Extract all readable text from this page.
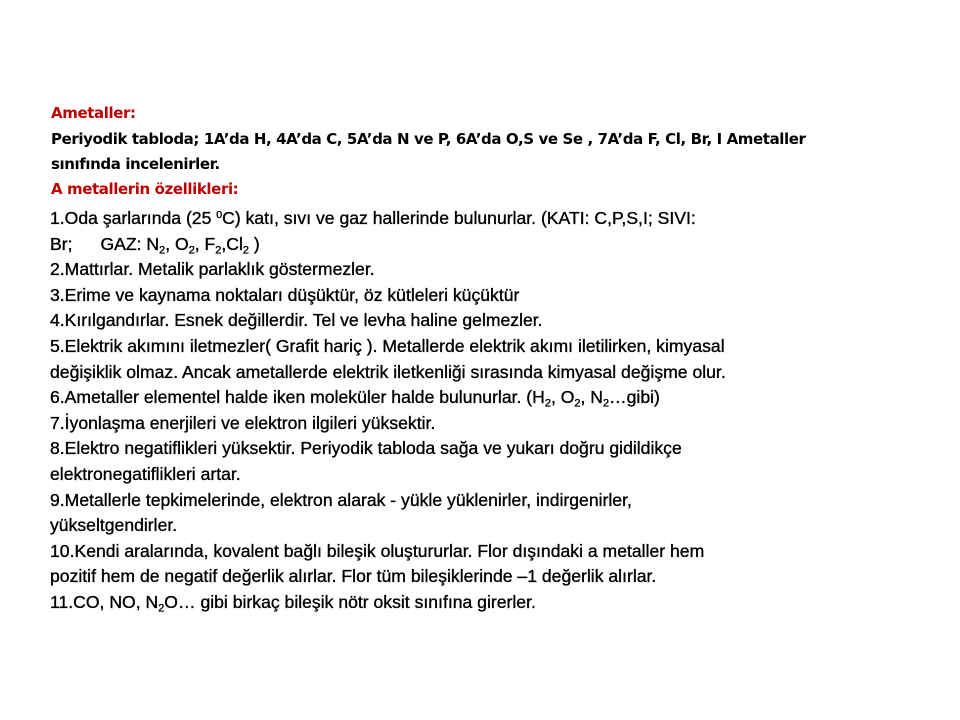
Ametaller:
Periyodik tabloda; 1A’da H, 4A’da C, 5A’da N ve P, 6A’da O,S ve Se , 7A’da F, Cl, Br, I Ametaller
sınıfında incelenirler.
A metallerin özellikleri:

1.Oda şarlarında (25 $^0$C) katı, sıvı ve gaz hallerinde bulunurlar. (KATI: C,P,S,I; SIVI:

Br; GAZ: $N_2$, $O_2$, $F_2,Cl_2$ )

2.Mattırlar. Metalik parlaklık göstermezler.

3.Erime ve kaynama noktaları düşüktür, öz kütleleri küçüktür

4.Kırılgandırlar. Esnek değillerdir. Tel ve levha haline gelmezler.

5.Elektrik akımını iletmezler( Grafit hariç ). Metallerde elektrik akımı iletilirken, kimyasal

değişiklik olmaz. Ancak ametallerde elektrik iletkenliği sırasında kimyasal değişme olur.

6.Ametaller elementel halde iken moleküler halde bulunurlar. ($H_2$, $O_2$, $N_2\dots gibi$)

7.İyonlaşma enerjileri ve elektron ilgileri yüksektir.

8.Elektro negatiflikleri yüksektir. Periyodik tabloda sağa ve yukarı doğru gidildikçe

elektronegatiflikleri artar.

9.Metallerle tepkimelerinde, elektron alarak - yükle yüklenirler, indirgenirler,

yükseltgendirler.

10.Kendi aralarında, kovalent bağlı bileşik oluştururlar. Flor dışındaki a metaller hem

pozitif hem de negatif değerlik alırlar. Flor tüm bileşiklerinde –1 değerlik alırlar.

11.CO, NO, $N_2O\dots$ gibi birkaç bileşik nötr oksit sınıfına girerler.
